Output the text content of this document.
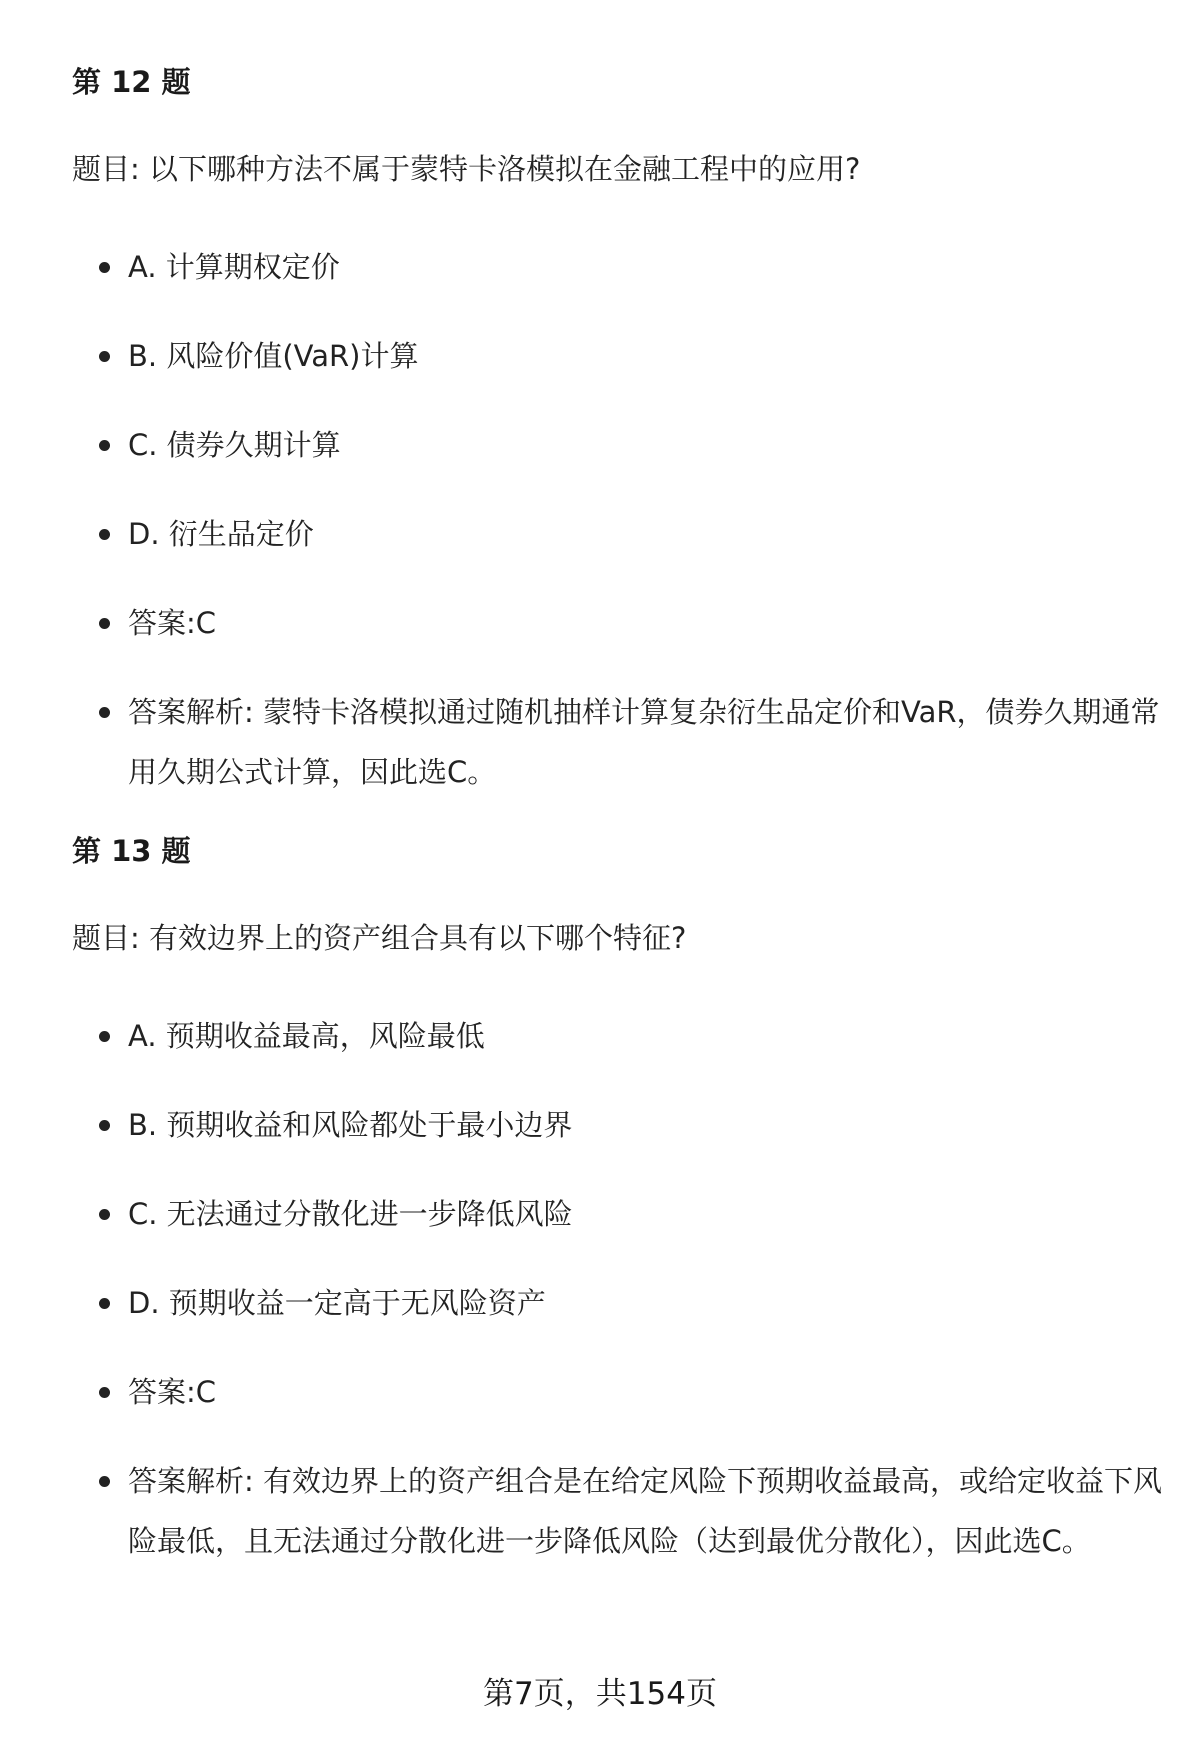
第 12 题
题目: 以下哪种方法不属于蒙特卡洛模拟在金融工程中的应用?
A. 计算期权定价
B. 风险价值(VaR)计算
C. 债券久期计算
D. 衍生品定价
答案:C
答案解析: 蒙特卡洛模拟通过随机抽样计算复杂衍生品定价和VaR，债券久期通常用久期公式计算，因此选C。
第 13 题
题目: 有效边界上的资产组合具有以下哪个特征?
A. 预期收益最高，风险最低
B. 预期收益和风险都处于最小边界
C. 无法通过分散化进一步降低风险
D. 预期收益一定高于无风险资产
答案:C
答案解析: 有效边界上的资产组合是在给定风险下预期收益最高，或给定收益下风险最低，且无法通过分散化进一步降低风险（达到最优分散化），因此选C。
第7页，共154页
